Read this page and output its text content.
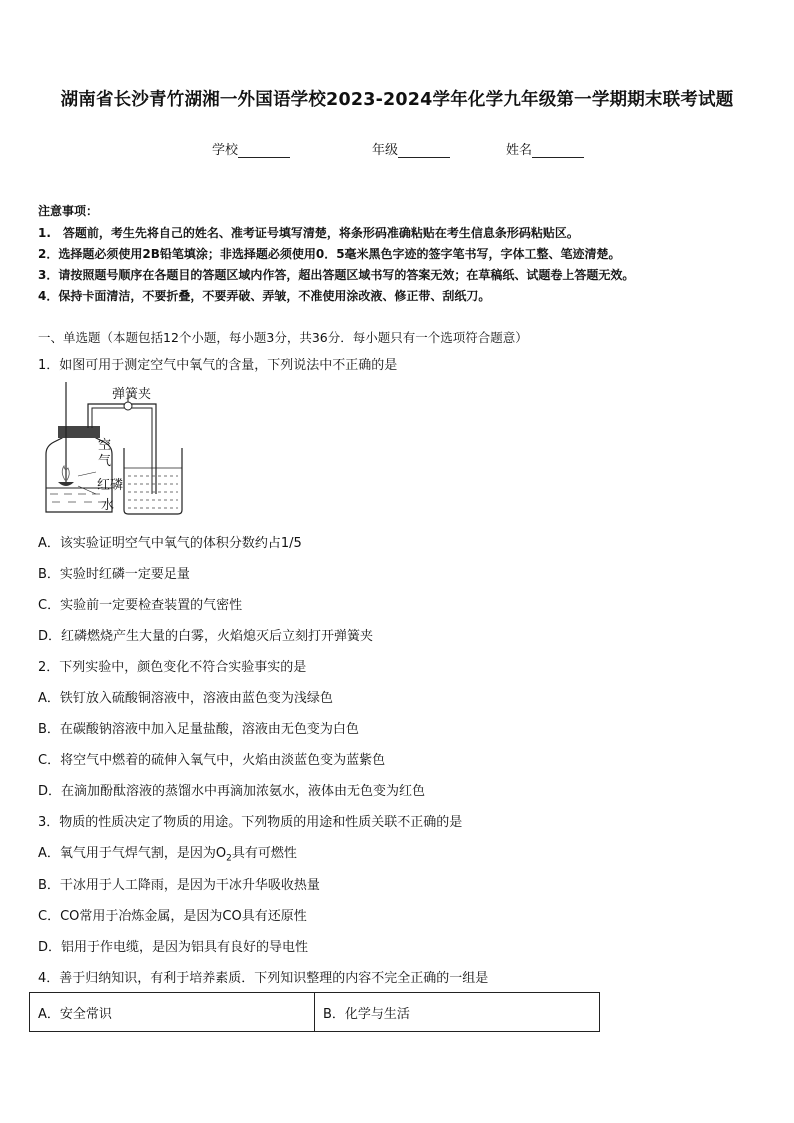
湖南省长沙青竹湖湘一外国语学校2023-2024学年化学九年级第一学期期末联考试题
学校	年级	姓名
注意事项：
1.　答题前，考生先将自己的姓名、准考证号填写清楚，将条形码准确粘贴在考生信息条形码粘贴区。
2．选择题必须使用2B铅笔填涂；非选择题必须使用0．5毫米黑色字迹的签字笔书写，字体工整、笔迹清楚。
3．请按照题号顺序在各题目的答题区域内作答，超出答题区域书写的答案无效；在草稿纸、试题卷上答题无效。
4．保持卡面清洁，不要折叠，不要弄破、弄皱，不准使用涂改液、修正带、刮纸刀。
一、单选题（本题包括12个小题，每小题3分，共36分．每小题只有一个选项符合题意）
1．如图可用于测定空气中氧气的含量，下列说法中不正确的是
弹簧夹
空
气
红磷
水
A．该实验证明空气中氧气的体积分数约占1/5
B．实验时红磷一定要足量
C．实验前一定要检查装置的气密性
D．红磷燃烧产生大量的白雾，火焰熄灭后立刻打开弹簧夹
2．下列实验中，颜色变化不符合实验事实的是
A．铁钉放入硫酸铜溶液中，溶液由蓝色变为浅绿色
B．在碳酸钠溶液中加入足量盐酸，溶液由无色变为白色
C．将空气中燃着的硫伸入氧气中，火焰由淡蓝色变为蓝紫色
D．在滴加酚酞溶液的蒸馏水中再滴加浓氨水，液体由无色变为红色
3．物质的性质决定了物质的用途。下列物质的用途和性质关联不正确的是
A．氧气用于气焊气割，是因为$O_2$具有可燃性
B．干冰用于人工降雨，是因为干冰升华吸收热量
C．CO常用于冶炼金属，是因为CO具有还原性
D．铝用于作电缆，是因为铝具有良好的导电性
4．善于归纳知识，有利于培养素质．下列知识整理的内容不完全正确的一组是
A．安全常识	B．化学与生活
